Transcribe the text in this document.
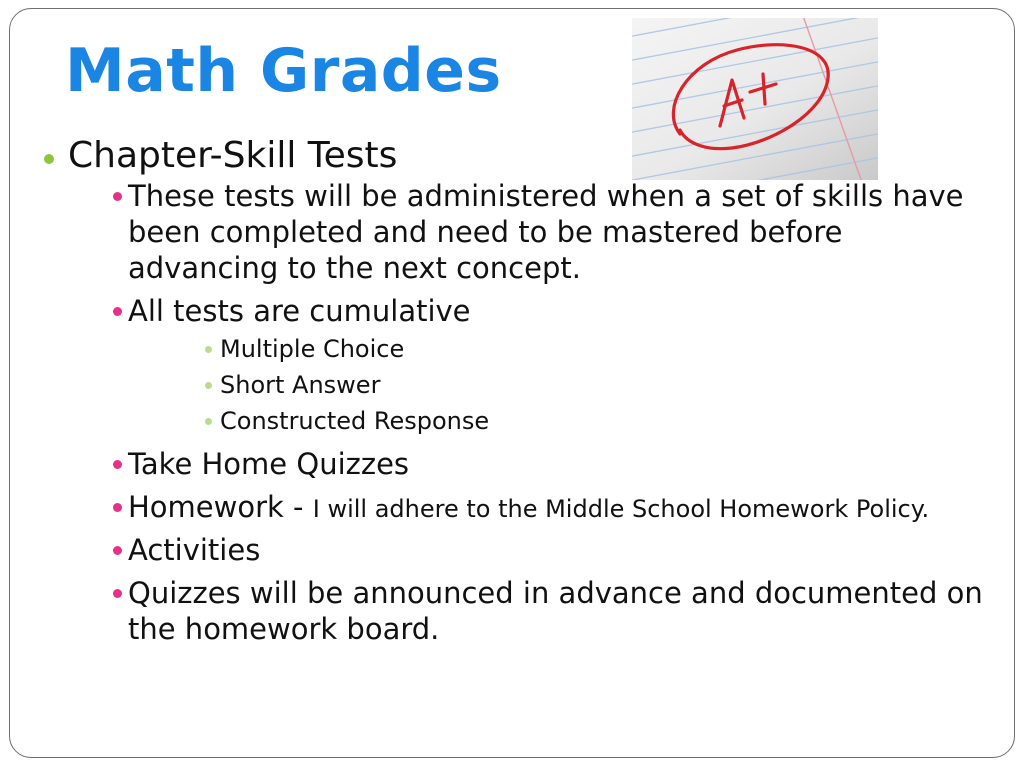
Math Grades
Chapter-Skill Tests
These tests will be administered when a set of skills have been completed and need to be mastered before advancing to the next concept.
All tests are cumulative
Multiple Choice
Short Answer
Constructed Response
Take Home Quizzes
Homework - I will adhere to the Middle School Homework Policy.
Activities
Quizzes will be announced in advance and documented on the homework board.
